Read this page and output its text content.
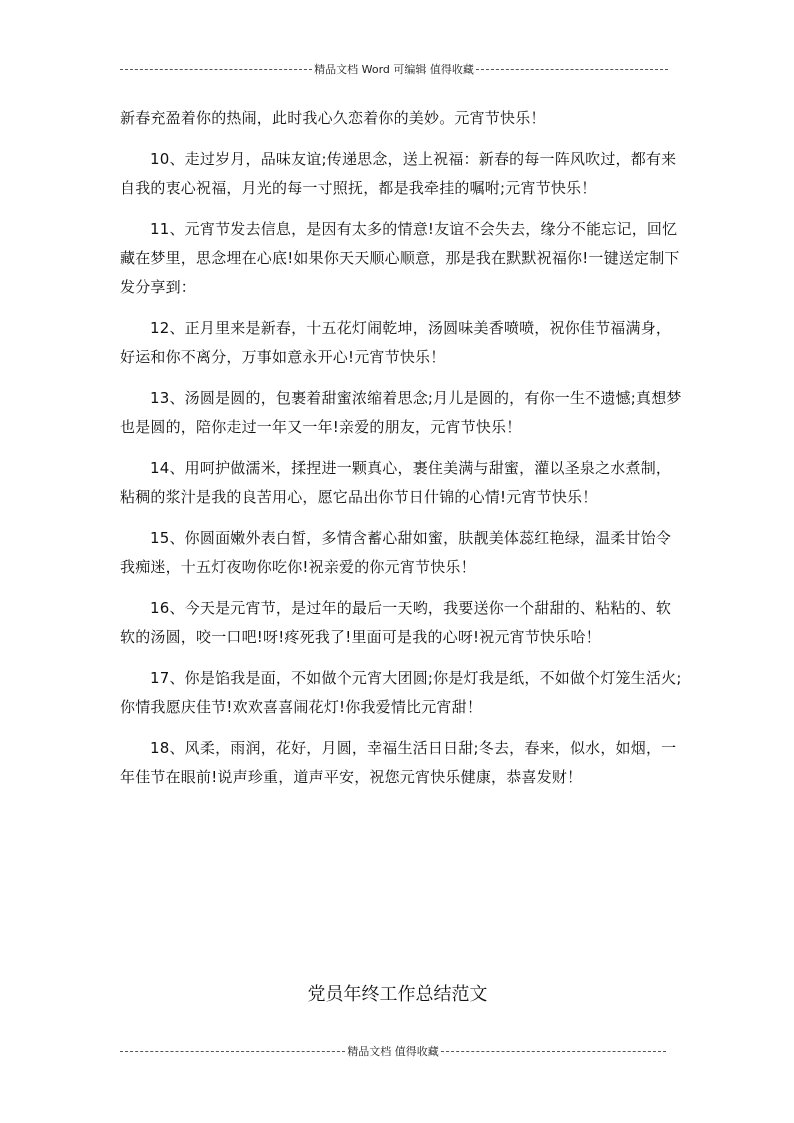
精品文档 Word 可编辑 值得收藏

新春充盈着你的热闹，此时我心久恋着你的美妙。元宵节快乐！

10、走过岁月，品味友谊;传递思念，送上祝福：新春的每一阵风吹过，都有来自我的衷心祝福，月光的每一寸照抚，都是我牵挂的嘱咐;元宵节快乐！

11、元宵节发去信息，是因有太多的情意!友谊不会失去，缘分不能忘记，回忆藏在梦里，思念埋在心底!如果你天天顺心顺意，那是我在默默祝福你!一键送定制下发分享到：

12、正月里来是新春，十五花灯闹乾坤，汤圆味美香喷喷，祝你佳节福满身，好运和你不离分，万事如意永开心!元宵节快乐！

13、汤圆是圆的，包裹着甜蜜浓缩着思念;月儿是圆的，有你一生不遗憾;真想梦也是圆的，陪你走过一年又一年!亲爱的朋友，元宵节快乐！

14、用呵护做濡米，揉捏进一颗真心，裹住美满与甜蜜，灌以圣泉之水煮制，粘稠的浆汁是我的良苦用心，愿它品出你节日什锦的心情!元宵节快乐！

15、你圆面嫩外表白皙，多情含蓄心甜如蜜，肤靓美体蕊红艳绿，温柔甘饴令我痴迷，十五灯夜吻你吃你!祝亲爱的你元宵节快乐！

16、今天是元宵节，是过年的最后一天哟，我要送你一个甜甜的、粘粘的、软软的汤圆，咬一口吧!呀!疼死我了!里面可是我的心呀!祝元宵节快乐哈！

17、你是馅我是面，不如做个元宵大团圆;你是灯我是纸，不如做个灯笼生活火;你情我愿庆佳节!欢欢喜喜闹花灯!你我爱情比元宵甜！

18、风柔，雨润，花好，月圆，幸福生活日日甜;冬去，春来，似水，如烟，一年佳节在眼前!说声珍重，道声平安，祝您元宵快乐健康，恭喜发财！

党员年终工作总结范文
精品文档 值得收藏
